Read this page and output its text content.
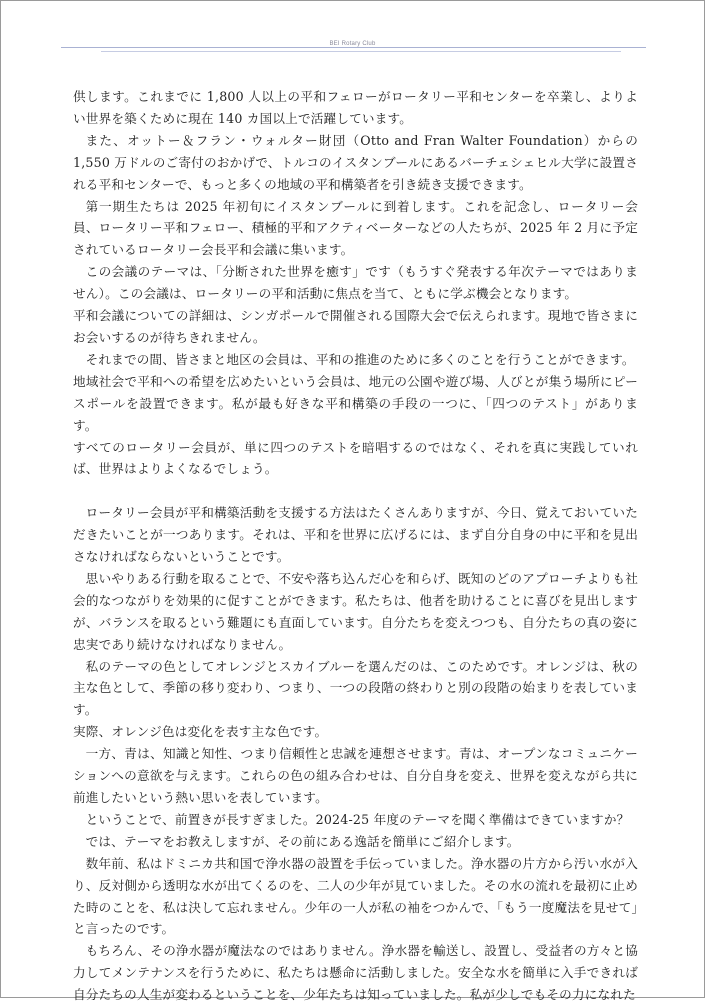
BEI Rotary Club

供します。これまでに 1,800 人以上の平和フェローがロータリー平和センターを卒業し、よりよい世界を築くために現在 140 カ国以上で活躍しています。

また、オットー＆フラン・ウォルター財団（Otto and Fran Walter Foundation）からの 1,550 万ドルのご寄付のおかげで、トルコのイスタンブールにあるバーチェシェヒル大学に設置される平和センターで、もっと多くの地域の平和構築者を引き続き支援できます。

第一期生たちは 2025 年初旬にイスタンブールに到着します。これを記念し、ロータリー会 員、ロータリー平和フェロー、積極的平和アクティベーターなどの人たちが、2025 年 2 月に予定されているロータリー会長平和会議に集います。

この会議のテーマは、「分断された世界を癒す」です（もうすぐ発表する年次テーマではありません）。この会議は、ロータリーの平和活動に焦点を当て、ともに学ぶ機会となります。

平和会議についての詳細は、シンガポールで開催される国際大会で伝えられます。現地で皆さまにお会いするのが待ちきれません。

それまでの間、皆さまと地区の会員は、平和の推進のために多くのことを行うことができます。

地域社会で平和への希望を広めたいという会員は、地元の公園や遊び場、人びとが集う場所にピースポールを設置できます。私が最も好きな平和構築の手段の一つに、「四つのテスト」があります。

すべてのロータリー会員が、単に四つのテストを暗唱するのではなく、それを真に実践していれば、世界はよりよくなるでしょう。

ロータリー会員が平和構築活動を支援する方法はたくさんありますが、今日、覚えておいていただきたいことが一つあります。それは、平和を世界に広げるには、まず自分自身の中に平和を見出さなければならないということです。

思いやりある行動を取ることで、不安や落ち込んだ心を和らげ、既知のどのアプローチよりも社会的なつながりを効果的に促すことができます。私たちは、他者を助けることに喜びを見出しますが、バランスを取るという難題にも直面しています。自分たちを変えつつも、自分たちの真の姿に忠実であり続けなければなりません。

私のテーマの色としてオレンジとスカイブルーを選んだのは、このためです。オレンジは、秋の主な色として、季節の移り変わり、つまり、一つの段階の終わりと別の段階の始まりを表しています。

実際、オレンジ色は変化を表す主な色です。

一方、青は、知識と知性、つまり信頼性と忠誠を連想させます。青は、オープンなコミュニケーションへの意欲を与えます。これらの色の組み合わせは、自分自身を変え、世界を変えながら共に前進したいという熱い思いを表しています。

ということで、前置きが長すぎました。2024-25 年度のテーマを聞く準備はできていますか？

では、テーマをお教えしますが、その前にある逸話を簡単にご紹介します。

数年前、私はドミニカ共和国で浄水器の設置を手伝っていました。浄水器の片方から汚い水が入り、反対側から透明な水が出てくるのを、二人の少年が見ていました。その水の流れを最初に止めた時のことを、私は決して忘れません。少年の一人が私の袖をつかんで、「もう一度魔法を見せて」と言ったのです。

もちろん、その浄水器が魔法なのではありません。浄水器を輸送し、設置し、受益者の方々と協力してメンテナンスを行うために、私たちは懸命に活動しました。安全な水を簡単に入手できれば自分たちの人生が変わるということを、少年たちは知っていました。私が少しでもその力になれた
